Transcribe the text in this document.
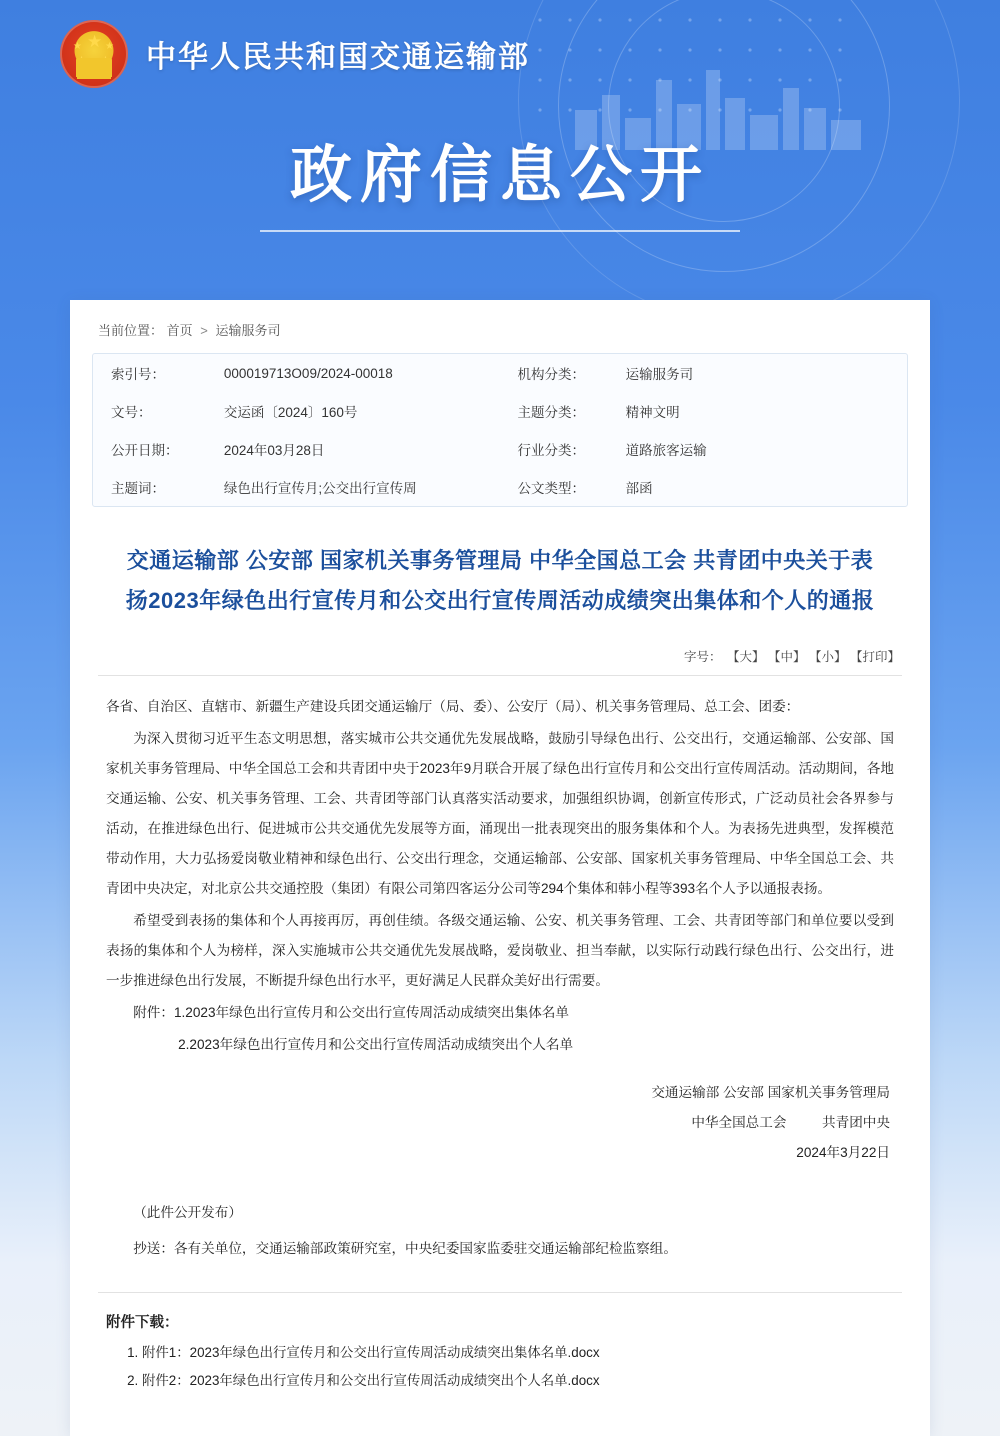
★
★ ★ 中华人民共和国交通运输部
政府信息公开
当前位置： 首页 > 运输服务司
索引号：	000019713O09/2024-00018	机构分类：	运输服务司
文号：	交运函〔2024〕160号	主题分类：	精神文明
公开日期：	2024年03月28日	行业分类：	道路旅客运输
主题词：	绿色出行宣传月;公交出行宣传周	公文类型：	部函
交通运输部 公安部 国家机关事务管理局 中华全国总工会 共青团中央关于表扬2023年绿色出行宣传月和公交出行宣传周活动成绩突出集体和个人的通报
字号： 【大】 【中】 【小】 【打印】

各省、自治区、直辖市、新疆生产建设兵团交通运输厅（局、委）、公安厅（局）、机关事务管理局、总工会、团委：

为深入贯彻习近平生态文明思想，落实城市公共交通优先发展战略，鼓励引导绿色出行、公交出行，交通运输部、公安部、国家机关事务管理局、中华全国总工会和共青团中央于2023年9月联合开展了绿色出行宣传月和公交出行宣传周活动。活动期间，各地交通运输、公安、机关事务管理、工会、共青团等部门认真落实活动要求，加强组织协调，创新宣传形式，广泛动员社会各界参与活动，在推进绿色出行、促进城市公共交通优先发展等方面，涌现出一批表现突出的服务集体和个人。为表扬先进典型，发挥模范带动作用，大力弘扬爱岗敬业精神和绿色出行、公交出行理念，交通运输部、公安部、国家机关事务管理局、中华全国总工会、共青团中央决定，对北京公共交通控股（集团）有限公司第四客运分公司等294个集体和韩小程等393名个人予以通报表扬。

希望受到表扬的集体和个人再接再厉，再创佳绩。各级交通运输、公安、机关事务管理、工会、共青团等部门和单位要以受到表扬的集体和个人为榜样，深入实施城市公共交通优先发展战略，爱岗敬业、担当奉献，以实际行动践行绿色出行、公交出行，进一步推进绿色出行发展，不断提升绿色出行水平，更好满足人民群众美好出行需要。

附件：1.2023年绿色出行宣传月和公交出行宣传周活动成绩突出集体名单

2.2023年绿色出行宣传月和公交出行宣传周活动成绩突出个人名单

交通运输部 公安部 国家机关事务管理局
中华全国总工会	共青团中央
2024年3月22日
（此件公开发布）
抄送：各有关单位，交通运输部政策研究室，中央纪委国家监委驻交通运输部纪检监察组。
附件下载：
1. 附件1：2023年绿色出行宣传月和公交出行宣传周活动成绩突出集体名单.docx
2. 附件2：2023年绿色出行宣传月和公交出行宣传周活动成绩突出个人名单.docx
